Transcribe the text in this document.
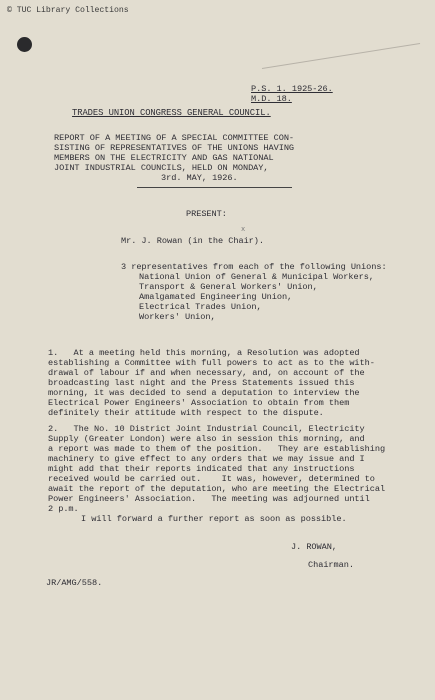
© TUC Library Collections
P.S. 1. 1925-26.
M.D. 18.
TRADES UNION CONGRESS GENERAL COUNCIL.
REPORT OF A MEETING OF A SPECIAL COMMITTEE CON-
SISTING OF REPRESENTATIVES OF THE UNIONS HAVING
MEMBERS ON THE ELECTRICITY AND GAS NATIONAL
JOINT INDUSTRIAL COUNCILS, HELD ON MONDAY,
3rd. MAY, 1926.
PRESENT:
x
Mr. J. Rowan (in the Chair).
3 representatives from each of the following Unions:
National Union of General & Municipal Workers,
Transport & General Workers' Union,
Amalgamated Engineering Union,
Electrical Trades Union,
Workers' Union,
1.   At a meeting held this morning, a Resolution was adopted
establishing a Committee with full powers to act as to the with-
drawal of labour if and when necessary, and, on account of the
broadcasting last night and the Press Statements issued this
morning, it was decided to send a deputation to interview the
Electrical Power Engineers' Association to obtain from them
definitely their attitude with respect to the dispute.
2.   The No. 10 District Joint Industrial Council, Electricity
Supply (Greater London) were also in session this morning, and
a report was made to them of the position.   They are establishing
machinery to give effect to any orders that we may issue and I
might add that their reports indicated that any instructions
received would be carried out.    It was, however, determined to
await the report of the deputation, who are meeting the Electrical
Power Engineers' Association.   The meeting was adjourned until
2 p.m.
I will forward a further report as soon as possible.
J. ROWAN,
Chairman.
JR/AMG/558.
